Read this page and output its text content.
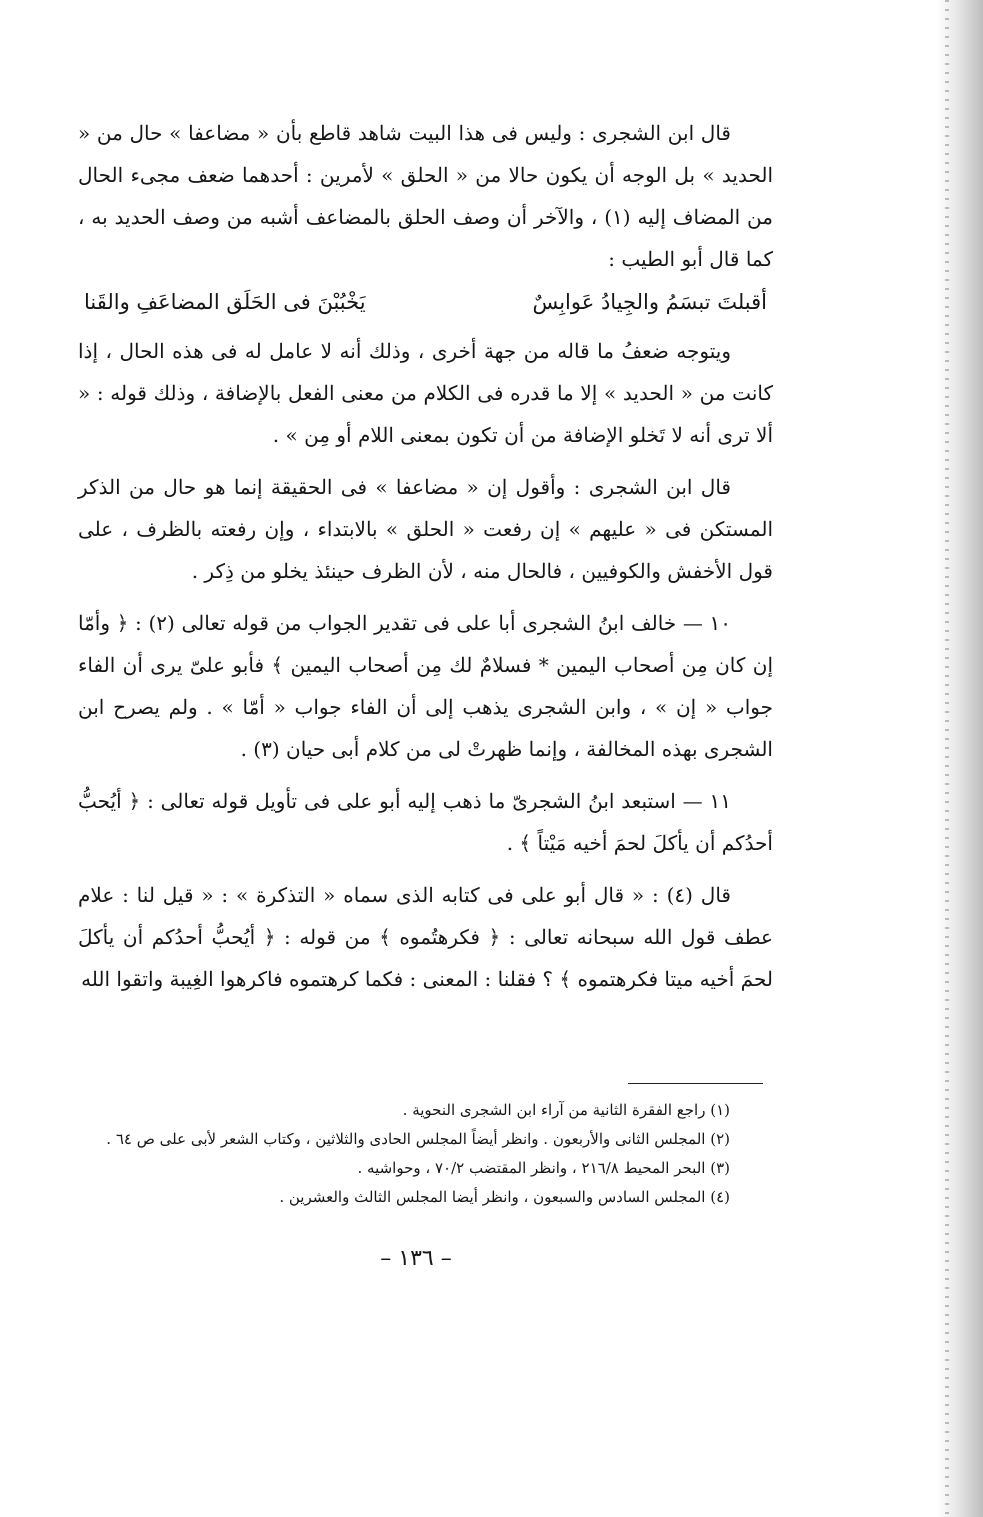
قال ابن الشجرى : وليس فى هذا البيت شاهد قاطع بأن « مضاعفا » حال من « الحديد » بل الوجه أن يكون حالا من « الحلق » لأمرين : أحدهما ضعف مجىء الحال من المضاف إليه (١) ، والآخر أن وصف الحلق بالمضاعف أشبه من وصف الحديد به ، كما قال أبو الطيب :

أقبلتَ تبسَمُ والجِيادُ عَوابِسٌ
يَخْبُبْنَ فى الحَلَق المضاعَفِ والقَنا

ويتوجه ضعفُ ما قاله من جهة أخرى ، وذلك أنه لا عامل له فى هذه الحال ، إذا كانت من « الحديد » إلا ما قدره فى الكلام من معنى الفعل بالإضافة ، وذلك قوله : « ألا ترى أنه لا تَخلو الإضافة من أن تكون بمعنى اللام أو مِن » .

قال ابن الشجرى : وأقول إن « مضاعفا » فى الحقيقة إنما هو حال من الذكر المستكن فى « عليهم » إن رفعت « الحلق » بالابتداء ، وإن رفعته بالظرف ، على قول الأخفش والكوفيين ، فالحال منه ، لأن الظرف حينئذ يخلو من ذِكر .

١٠ — خالف ابنُ الشجرى أبا على فى تقدير الجواب من قوله تعالى (٢) : ﴿ وأمّا إن كان مِن أصحاب اليمين * فسلامٌ لك مِن أصحاب اليمين ﴾ فأبو علىّ يرى أن الفاء جواب « إن » ، وابن الشجرى يذهب إلى أن الفاء جواب « أمّا » . ولم يصرح ابن الشجرى بهذه المخالفة ، وإنما ظهرتْ لى من كلام أبى حيان (٣) .

١١ — استبعد ابنُ الشجرىّ ما ذهب إليه أبو على فى تأويل قوله تعالى : ﴿ أيُحبُّ أحدُكم أن يأكلَ لحمَ أخيه مَيْتاً ﴾ .

قال (٤) : « قال أبو على فى كتابه الذى سماه « التذكرة » : « قيل لنا : علام عطف قول الله سبحانه تعالى : ﴿ فكرهتُموه ﴾ من قوله : ﴿ أيُحبُّ أحدُكم أن يأكلَ لحمَ أخيه ميتا فكرهتموه ﴾ ؟ فقلنا : المعنى : فكما كرهتموه فاكرهوا الغِيبة واتقوا الله

(١) راجع الفقرة الثانية من آراء ابن الشجرى النحوية .
(٢) المجلس الثانى والأربعون . وانظر أيضاً المجلس الحادى والثلاثين ، وكتاب الشعر لأبى على ص ٦٤ .
(٣) البحر المحيط ٢١٦/٨ ، وانظر المقتضب ٧٠/٢ ، وحواشيه .
(٤) المجلس السادس والسبعون ، وانظر أيضا المجلس الثالث والعشرين .
– ١٣٦ –
